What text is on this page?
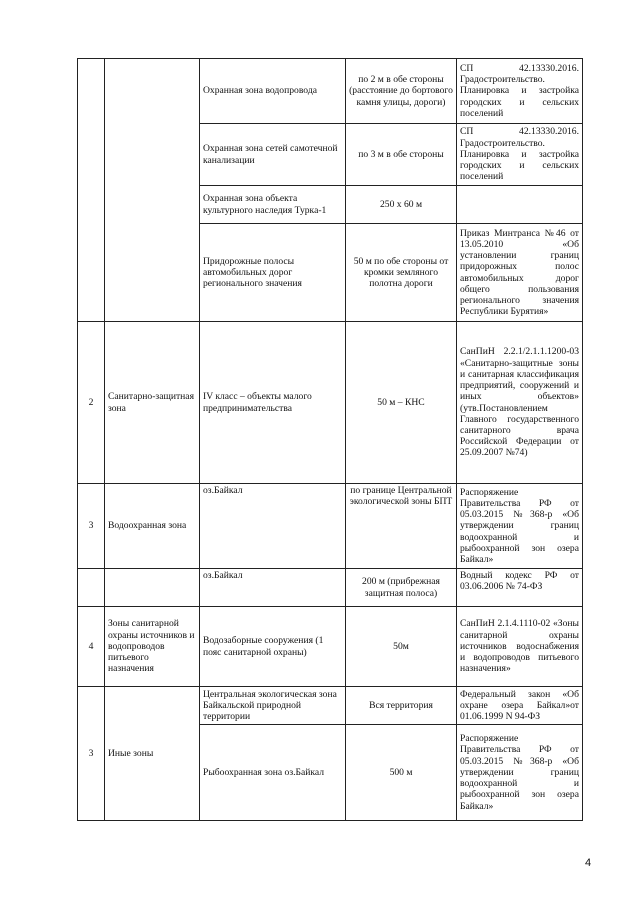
		Охранная зона водопровода	по 2 м в обе стороны (расстояние до бортового камня улицы, дороги)	СП 42.13330.2016. Градостроительство. Планировка и застройка городских и сельских поселений
		Охранная зона сетей самотечной канализации	по 3 м в обе стороны	СП 42.13330.2016. Градостроительство. Планировка и застройка городских и сельских поселений
		Охранная зона объекта культурного наследия Турка-1	250 х 60 м	
		Придорожные полосы автомобильных дорог регионального значения	50 м по обе стороны от кромки земляного полотна дороги	Приказ Минтранса №46 от 13.05.2010 «Об установлении границ придорожных полос автомобильных дорог общего пользования регионального значения Республики Бурятия»
2	Санитарно-защитная зона	IV класс – объекты малого предпринимательства	50 м – КНС	СанПиН 2.2.1/2.1.1.1200-03 «Санитарно-защитные зоны и санитарная классификация предприятий, сооружений и иных объектов» (утв.Постановлением Главного государственного санитарного врача Российской Федерации от 25.09.2007 №74)
3	Водоохранная зона	оз.Байкал	по границе Центральной экологической зоны БПТ	Распоряжение Правительства РФ от 05.03.2015 №368-р «Об утверждении границ водоохранной и рыбоохранной зон озера Байкал»
		оз.Байкал	200 м (прибрежная защитная полоса)	Водный кодекс РФ от 03.06.2006 № 74-ФЗ
4	Зоны санитарной охраны источников и водопроводов питьевого назначения	Водозаборные сооружения (1 пояс санитарной охраны)	50м	СанПиН 2.1.4.1110-02 «Зоны санитарной охраны источников водоснабжения и водопроводов питьевого назначения»
3	Иные зоны	Центральная экологическая зона Байкальской природной территории	Вся территория	Федеральный закон «Об охране озера Байкал»от 01.06.1999 N 94-ФЗ
		Рыбоохранная зона оз.Байкал	500 м	Распоряжение Правительства РФ от 05.03.2015 №368-р «Об утверждении границ водоохранной и рыбоохранной зон озера Байкал»
4
